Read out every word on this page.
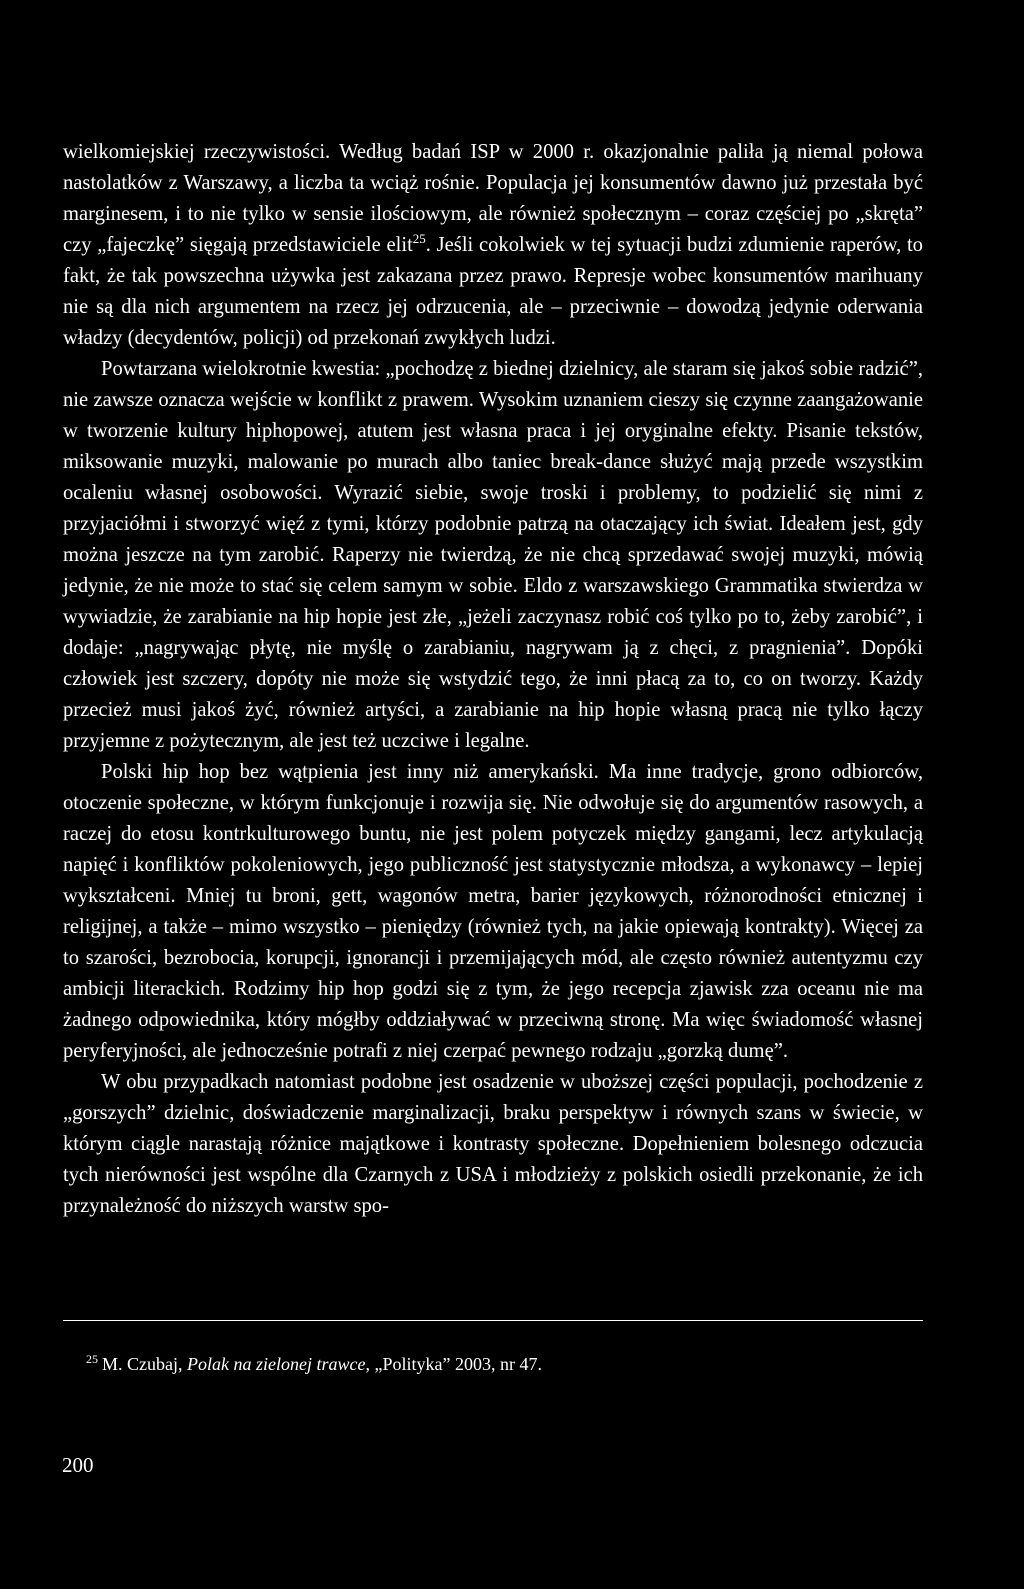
wielkomiejskiej rzeczywistości. Według badań ISP w 2000 r. okazjonalnie paliła ją niemal połowa nastolatków z Warszawy, a liczba ta wciąż rośnie. Populacja jej konsumentów dawno już przestała być marginesem, i to nie tylko w sensie ilościowym, ale również społecznym – coraz częściej po „skręta” czy „fajeczkę” sięgają przedstawiciele elit$^{25}$. Jeśli cokolwiek w tej sytuacji budzi zdumienie raperów, to fakt, że tak powszechna używka jest zakazana przez prawo. Represje wobec konsumentów marihuany nie są dla nich argumentem na rzecz jej odrzucenia, ale – przeciwnie – dowodzą jedynie oderwania władzy (decydentów, policji) od przekonań zwykłych ludzi.

Powtarzana wielokrotnie kwestia: „pochodzę z biednej dzielnicy, ale staram się jakoś sobie radzić”, nie zawsze oznacza wejście w konflikt z prawem. Wysokim uznaniem cieszy się czynne zaangażowanie w tworzenie kultury hiphopowej, atutem jest własna praca i jej oryginalne efekty. Pisanie tekstów, miksowanie muzyki, malowanie po murach albo taniec break-dance służyć mają przede wszystkim ocaleniu własnej osobowości. Wyrazić siebie, swoje troski i problemy, to podzielić się nimi z przyjaciółmi i stworzyć więź z tymi, którzy podobnie patrzą na otaczający ich świat. Ideałem jest, gdy można jeszcze na tym zarobić. Raperzy nie twierdzą, że nie chcą sprzedawać swojej muzyki, mówią jedynie, że nie może to stać się celem samym w sobie. Eldo z warszawskiego Grammatika stwierdza w wywiadzie, że zarabianie na hip hopie jest złe, „jeżeli zaczynasz robić coś tylko po to, żeby zarobić”, i dodaje: „nagrywając płytę, nie myślę o zarabianiu, nagrywam ją z chęci, z pragnienia”. Dopóki człowiek jest szczery, dopóty nie może się wstydzić tego, że inni płacą za to, co on tworzy. Każdy przecież musi jakoś żyć, również artyści, a zarabianie na hip hopie własną pracą nie tylko łączy przyjemne z pożytecznym, ale jest też uczciwe i legalne.

Polski hip hop bez wątpienia jest inny niż amerykański. Ma inne tradycje, grono odbiorców, otoczenie społeczne, w którym funkcjonuje i rozwija się. Nie odwołuje się do argumentów rasowych, a raczej do etosu kontrkulturowego buntu, nie jest polem potyczek między gangami, lecz artykulacją napięć i konfliktów pokoleniowych, jego publiczność jest statystycznie młodsza, a wykonawcy – lepiej wykształceni. Mniej tu broni, gett, wagonów metra, barier językowych, różnorodności etnicznej i religijnej, a także – mimo wszystko – pieniędzy (również tych, na jakie opiewają kontrakty). Więcej za to szarości, bezrobocia, korupcji, ignorancji i przemijających mód, ale często również autentyzmu czy ambicji literackich. Rodzimy hip hop godzi się z tym, że jego recepcja zjawisk zza oceanu nie ma żadnego odpowiednika, który mógłby oddziaływać w przeciwną stronę. Ma więc świadomość własnej peryferyjności, ale jednocześnie potrafi z niej czerpać pewnego rodzaju „gorzką dumę”.

W obu przypadkach natomiast podobne jest osadzenie w uboższej części populacji, pochodzenie z „gorszych” dzielnic, doświadczenie marginalizacji, braku perspektyw i równych szans w świecie, w którym ciągle narastają różnice majątkowe i kontrasty społeczne. Dopełnieniem bolesnego odczucia tych nierówności jest wspólne dla Czarnych z USA i młodzieży z polskich osiedli przekonanie, że ich przynależność do niższych warstw spo-

$^{25}$ M. Czubaj, Polak na zielonej trawce, „Polityka” 2003, nr 47.
200
